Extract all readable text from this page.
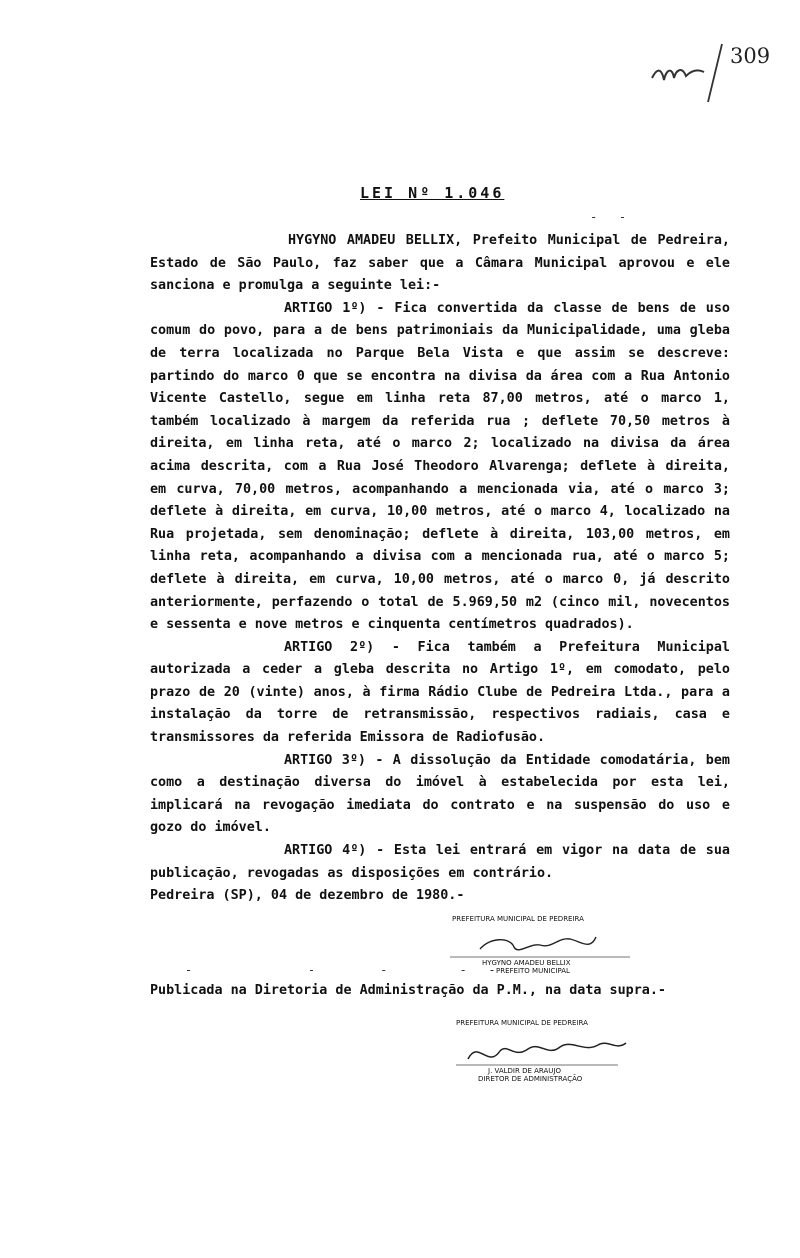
309
LEI Nº 1.046
-   -

HYGYNO AMADEU BELLIX, Prefeito Municipal de Pedreira, Estado de São Paulo, faz saber que a Câmara Municipal aprovou e ele sanciona e promulga a seguinte lei:-

ARTIGO 1º) - Fica convertida da classe de bens de uso comum do povo, para a de bens patrimoniais da Municipalidade, uma gleba de terra localizada no Parque Bela Vista e que assim se descreve: partindo do marco 0 que se encontra na divisa da área com a Rua Antonio Vicente Castello, segue em linha reta 87,00 metros, até o marco 1, também localizado à margem da referida rua ; deflete 70,50 metros à direita, em linha reta, até o marco 2; localizado na divisa da área acima descrita, com a Rua José Theodoro Alvarenga; deflete à direita, em curva, 70,00 metros, acompanhando a mencionada via, até o marco 3; deflete à direita, em curva, 10,00 metros, até o marco 4, localizado na Rua projetada, sem denominação; deflete à direita, 103,00 metros, em linha reta, acompanhando a divisa com a mencionada rua, até o marco 5; deflete à direita, em curva, 10,00 metros, até o marco 0, já descrito anteriormente, perfazendo o total de 5.969,50 m2 (cinco mil, novecentos e sessenta e nove metros e cinquenta centímetros quadrados).

ARTIGO 2º) - Fica também a Prefeitura Municipal autorizada a ceder a gleba descrita no Artigo 1º, em comodato, pelo prazo de 20 (vinte) anos, à firma Rádio Clube de Pedreira Ltda., para a instalação da torre de retransmissão, respectivos radiais, casa e transmissores da referida Emissora de Radiofusão.

ARTIGO 3º) - A dissolução da Entidade comodatária, bem como a destinação diversa do imóvel à estabelecida por esta lei, implicará na revogação imediata do contrato e na suspensão do uso e gozo do imóvel.

ARTIGO 4º) - Esta lei entrará em vigor na data de sua publicação, revogadas as disposições em contrário.

Pedreira (SP), 04 de dezembro de 1980.-

PREFEITURA MUNICIPAL DE PEDREIRA
HYGYNO AMADEU BELLIX
PREFEITO MUNICIPAL
-                -         -          -   -
Publicada na Diretoria de Administração da P.M., na data supra.-
PREFEITURA MUNICIPAL DE PEDREIRA
J. VALDIR DE ARAUJO
DIRETOR DE ADMINISTRAÇÃO
